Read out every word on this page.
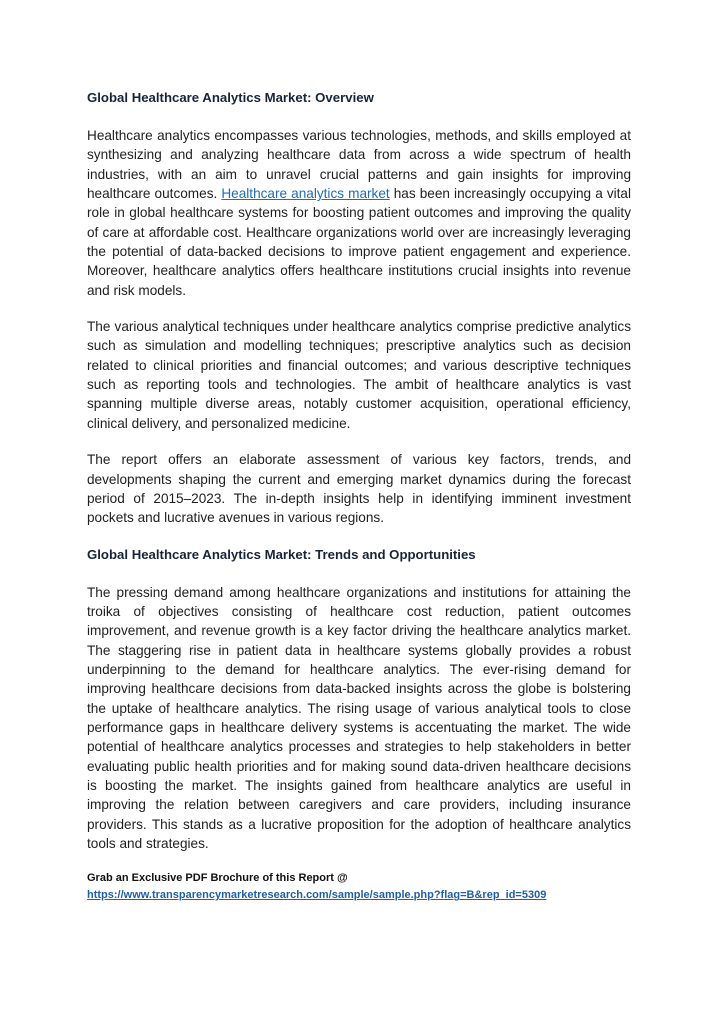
Global Healthcare Analytics Market: Overview

Healthcare analytics encompasses various technologies, methods, and skills employed at synthesizing and analyzing healthcare data from across a wide spectrum of health industries, with an aim to unravel crucial patterns and gain insights for improving healthcare outcomes. Healthcare analytics market has been increasingly occupying a vital role in global healthcare systems for boosting patient outcomes and improving the quality of care at affordable cost. Healthcare organizations world over are increasingly leveraging the potential of data-backed decisions to improve patient engagement and experience. Moreover, healthcare analytics offers healthcare institutions crucial insights into revenue and risk models.

The various analytical techniques under healthcare analytics comprise predictive analytics such as simulation and modelling techniques; prescriptive analytics such as decision related to clinical priorities and financial outcomes; and various descriptive techniques such as reporting tools and technologies. The ambit of healthcare analytics is vast spanning multiple diverse areas, notably customer acquisition, operational efficiency, clinical delivery, and personalized medicine.

The report offers an elaborate assessment of various key factors, trends, and developments shaping the current and emerging market dynamics during the forecast period of 2015–2023. The in-depth insights help in identifying imminent investment pockets and lucrative avenues in various regions.

Global Healthcare Analytics Market: Trends and Opportunities

The pressing demand among healthcare organizations and institutions for attaining the troika of objectives consisting of healthcare cost reduction, patient outcomes improvement, and revenue growth is a key factor driving the healthcare analytics market. The staggering rise in patient data in healthcare systems globally provides a robust underpinning to the demand for healthcare analytics. The ever-rising demand for improving healthcare decisions from data-backed insights across the globe is bolstering the uptake of healthcare analytics. The rising usage of various analytical tools to close performance gaps in healthcare delivery systems is accentuating the market. The wide potential of healthcare analytics processes and strategies to help stakeholders in better evaluating public health priorities and for making sound data-driven healthcare decisions is boosting the market. The insights gained from healthcare analytics are useful in improving the relation between caregivers and care providers, including insurance providers. This stands as a lucrative proposition for the adoption of healthcare analytics tools and strategies.

Grab an Exclusive PDF Brochure of this Report @
https://www.transparencymarketresearch.com/sample/sample.php?flag=B&rep_id=5309
